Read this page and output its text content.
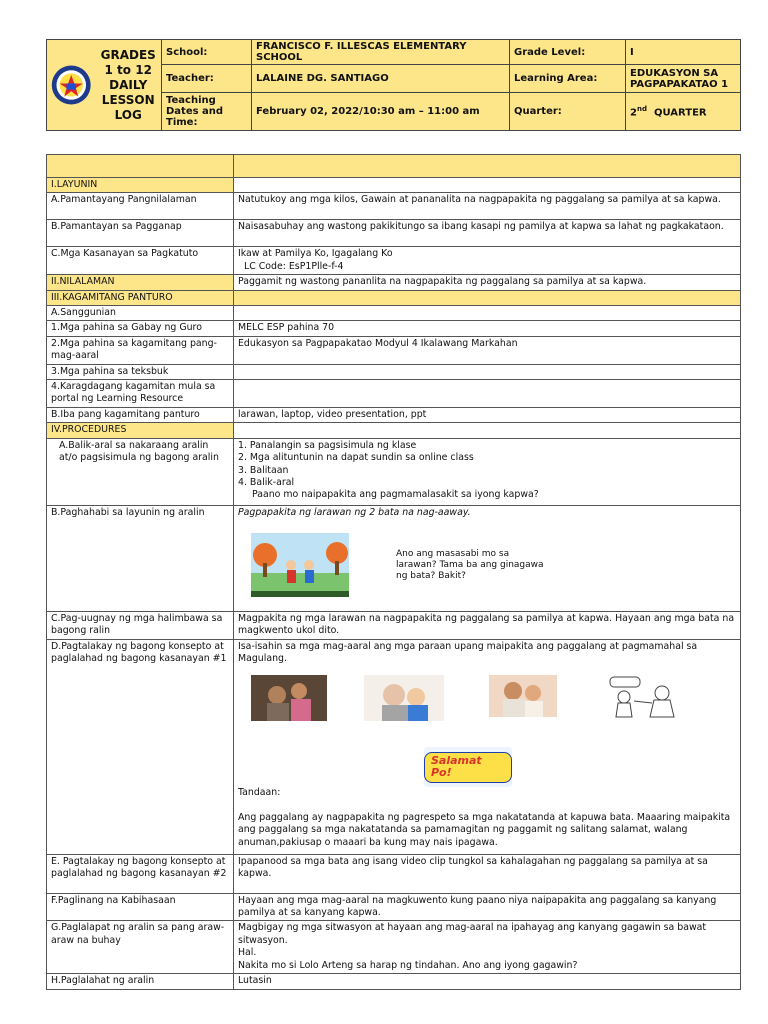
GRADES
1 to 12
DAILY
LESSON LOG	School:	FRANCISCO F. ILLESCAS ELEMENTARY SCHOOL	Grade Level:	I
	Teacher:	LALAINE DG. SANTIAGO	Learning Area:	EDUKASYON SA
PAGPAPAKATAO 1

	Teaching
Dates and
Time:	February 02, 2022/10:30 am – 11:00 am	Quarter:	2nd QUARTER

I.LAYUNIN	
A.Pamantayang Pangnilalaman	Natutukoy ang mga kilos, Gawain at pananalita na nagpapakita ng paggalang sa pamilya at sa kapwa.
B.Pamantayan sa Pagganap	Naisasabuhay ang wastong pakikitungo sa ibang kasapi ng pamilya at kapwa sa lahat ng pagkakataon.
C.Mga Kasanayan sa Pagkatuto	Ikaw at Pamilya Ko, Igagalang Ko
LC Code: EsP1Plle-f-4

II.NILALAMAN	Paggamit ng wastong pananlita na nagpapakita ng paggalang sa pamilya at sa kapwa.
III.KAGAMITANG PANTURO	
A.Sanggunian	
1.Mga pahina sa Gabay ng Guro	MELC ESP pahina 70
2.Mga pahina sa kagamitang pang-mag-aaral	Edukasyon sa Pagpapakatao Modyul 4 Ikalawang Markahan
3.Mga pahina sa teksbuk	
4.Karagdagang kagamitan mula sa portal ng Learning Resource	
B.Iba pang kagamitang panturo	larawan, laptop, video presentation, ppt
IV.PROCEDURES	
A.Balik-aral sa nakaraang aralin at/o pagsisimula ng bagong aralin	1. Panalangin sa pagsisimula ng klase
2. Mga alituntunin na dapat sundin sa online class
3. Balitaan
4. Balik-aral
Paano mo naipapakita ang pagmamalasakit sa iyong kapwa?

B.Paghahabi sa layunin ng aralin	Pagpapakita ng larawan ng 2 bata na nag-aaway.
Ano ang masasabi mo sa larawan? Tama ba ang ginagawa ng bata? Bakit?

C.Pag-uugnay ng mga halimbawa sa bagong ralin	Magpakita ng mga larawan na nagpapakita ng paggalang sa pamilya at kapwa. Hayaan ang mga bata na magkwento ukol dito.
D.Pagtalakay ng bagong konsepto at paglalahad ng bagong kasanayan #1	Isa-isahin sa mga mag-aaral ang mga paraan upang maipakita ang paggalang at pagmamahal sa Magulang.
Salamat Po!
Tandaan:
Ang paggalang ay nagpapakita ng pagrespeto sa mga nakatatanda at kapuwa bata. Maaaring maipakita ang paggalang sa mga nakatatanda sa pamamagitan ng paggamit ng salitang salamat, walang anuman,pakiusap o maaari ba kung may nais ipagawa.

E. Pagtalakay ng bagong konsepto at paglalahad ng bagong kasanayan #2	Ipapanood sa mga bata ang isang video clip tungkol sa kahalagahan ng paggalang sa pamilya at sa kapwa.
F.Paglinang na Kabihasaan	Hayaan ang mga mag-aaral na magkuwento kung paano niya naipapakita ang paggalang sa kanyang pamilya at sa kanyang kapwa.
G.Paglalapat ng aralin sa pang araw-araw na buhay	Magbigay ng mga sitwasyon at hayaan ang mag-aaral na ipahayag ang kanyang gagawin sa bawat sitwasyon.
Hal.
Nakita mo si Lolo Arteng sa harap ng tindahan. Ano ang iyong gagawin?

H.Paglalahat ng aralin	Lutasin
